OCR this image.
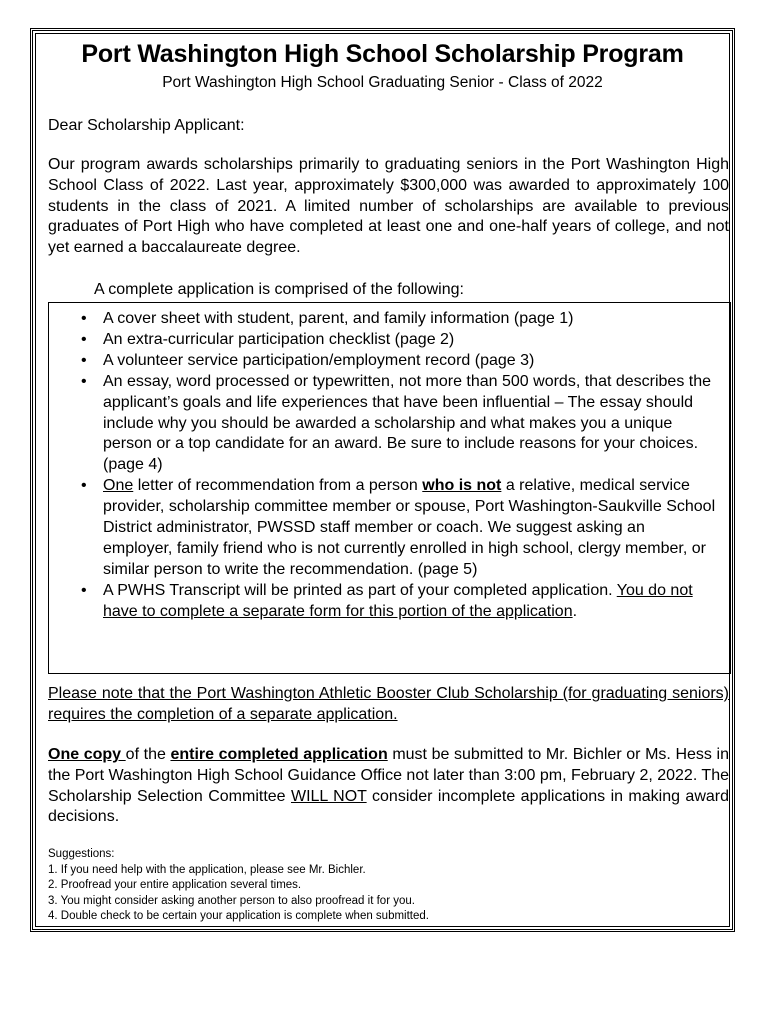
Port Washington High School Scholarship Program
Port Washington High School Graduating Senior - Class of 2022
Dear Scholarship Applicant:
Our program awards scholarships primarily to graduating seniors in the Port Washington High School Class of 2022. Last year, approximately $300,000 was awarded to approximately 100 students in the class of 2021. A limited number of scholarships are available to previous graduates of Port High who have completed at least one and one-half years of college, and not yet earned a baccalaureate degree.
A complete application is comprised of the following:
• A cover sheet with student, parent, and family information (page 1)
• An extra-curricular participation checklist (page 2)
• A volunteer service participation/employment record (page 3)
• An essay, word processed or typewritten, not more than 500 words, that describes the applicant’s goals and life experiences that have been influential – The essay should include why you should be awarded a scholarship and what makes you a unique person or a top candidate for an award. Be sure to include reasons for your choices. (page 4)
• One letter of recommendation from a person who is not a relative, medical service provider, scholarship committee member or spouse, Port Washington-Saukville School District administrator, PWSSD staff member or coach. We suggest asking an employer, family friend who is not currently enrolled in high school, clergy member, or similar person to write the recommendation. (page 5)
• A PWHS Transcript will be printed as part of your completed application. You do not have to complete a separate form for this portion of the application.
Please note that the Port Washington Athletic Booster Club Scholarship (for graduating seniors) requires the completion of a separate application.
One copy of the entire completed application must be submitted to Mr. Bichler or Ms. Hess in the Port Washington High School Guidance Office not later than 3:00 pm, February 2, 2022. The Scholarship Selection Committee WILL NOT consider incomplete applications in making award decisions.
Suggestions:
1. If you need help with the application, please see Mr. Bichler.
2. Proofread your entire application several times.
3. You might consider asking another person to also proofread it for you.
4. Double check to be certain your application is complete when submitted.
